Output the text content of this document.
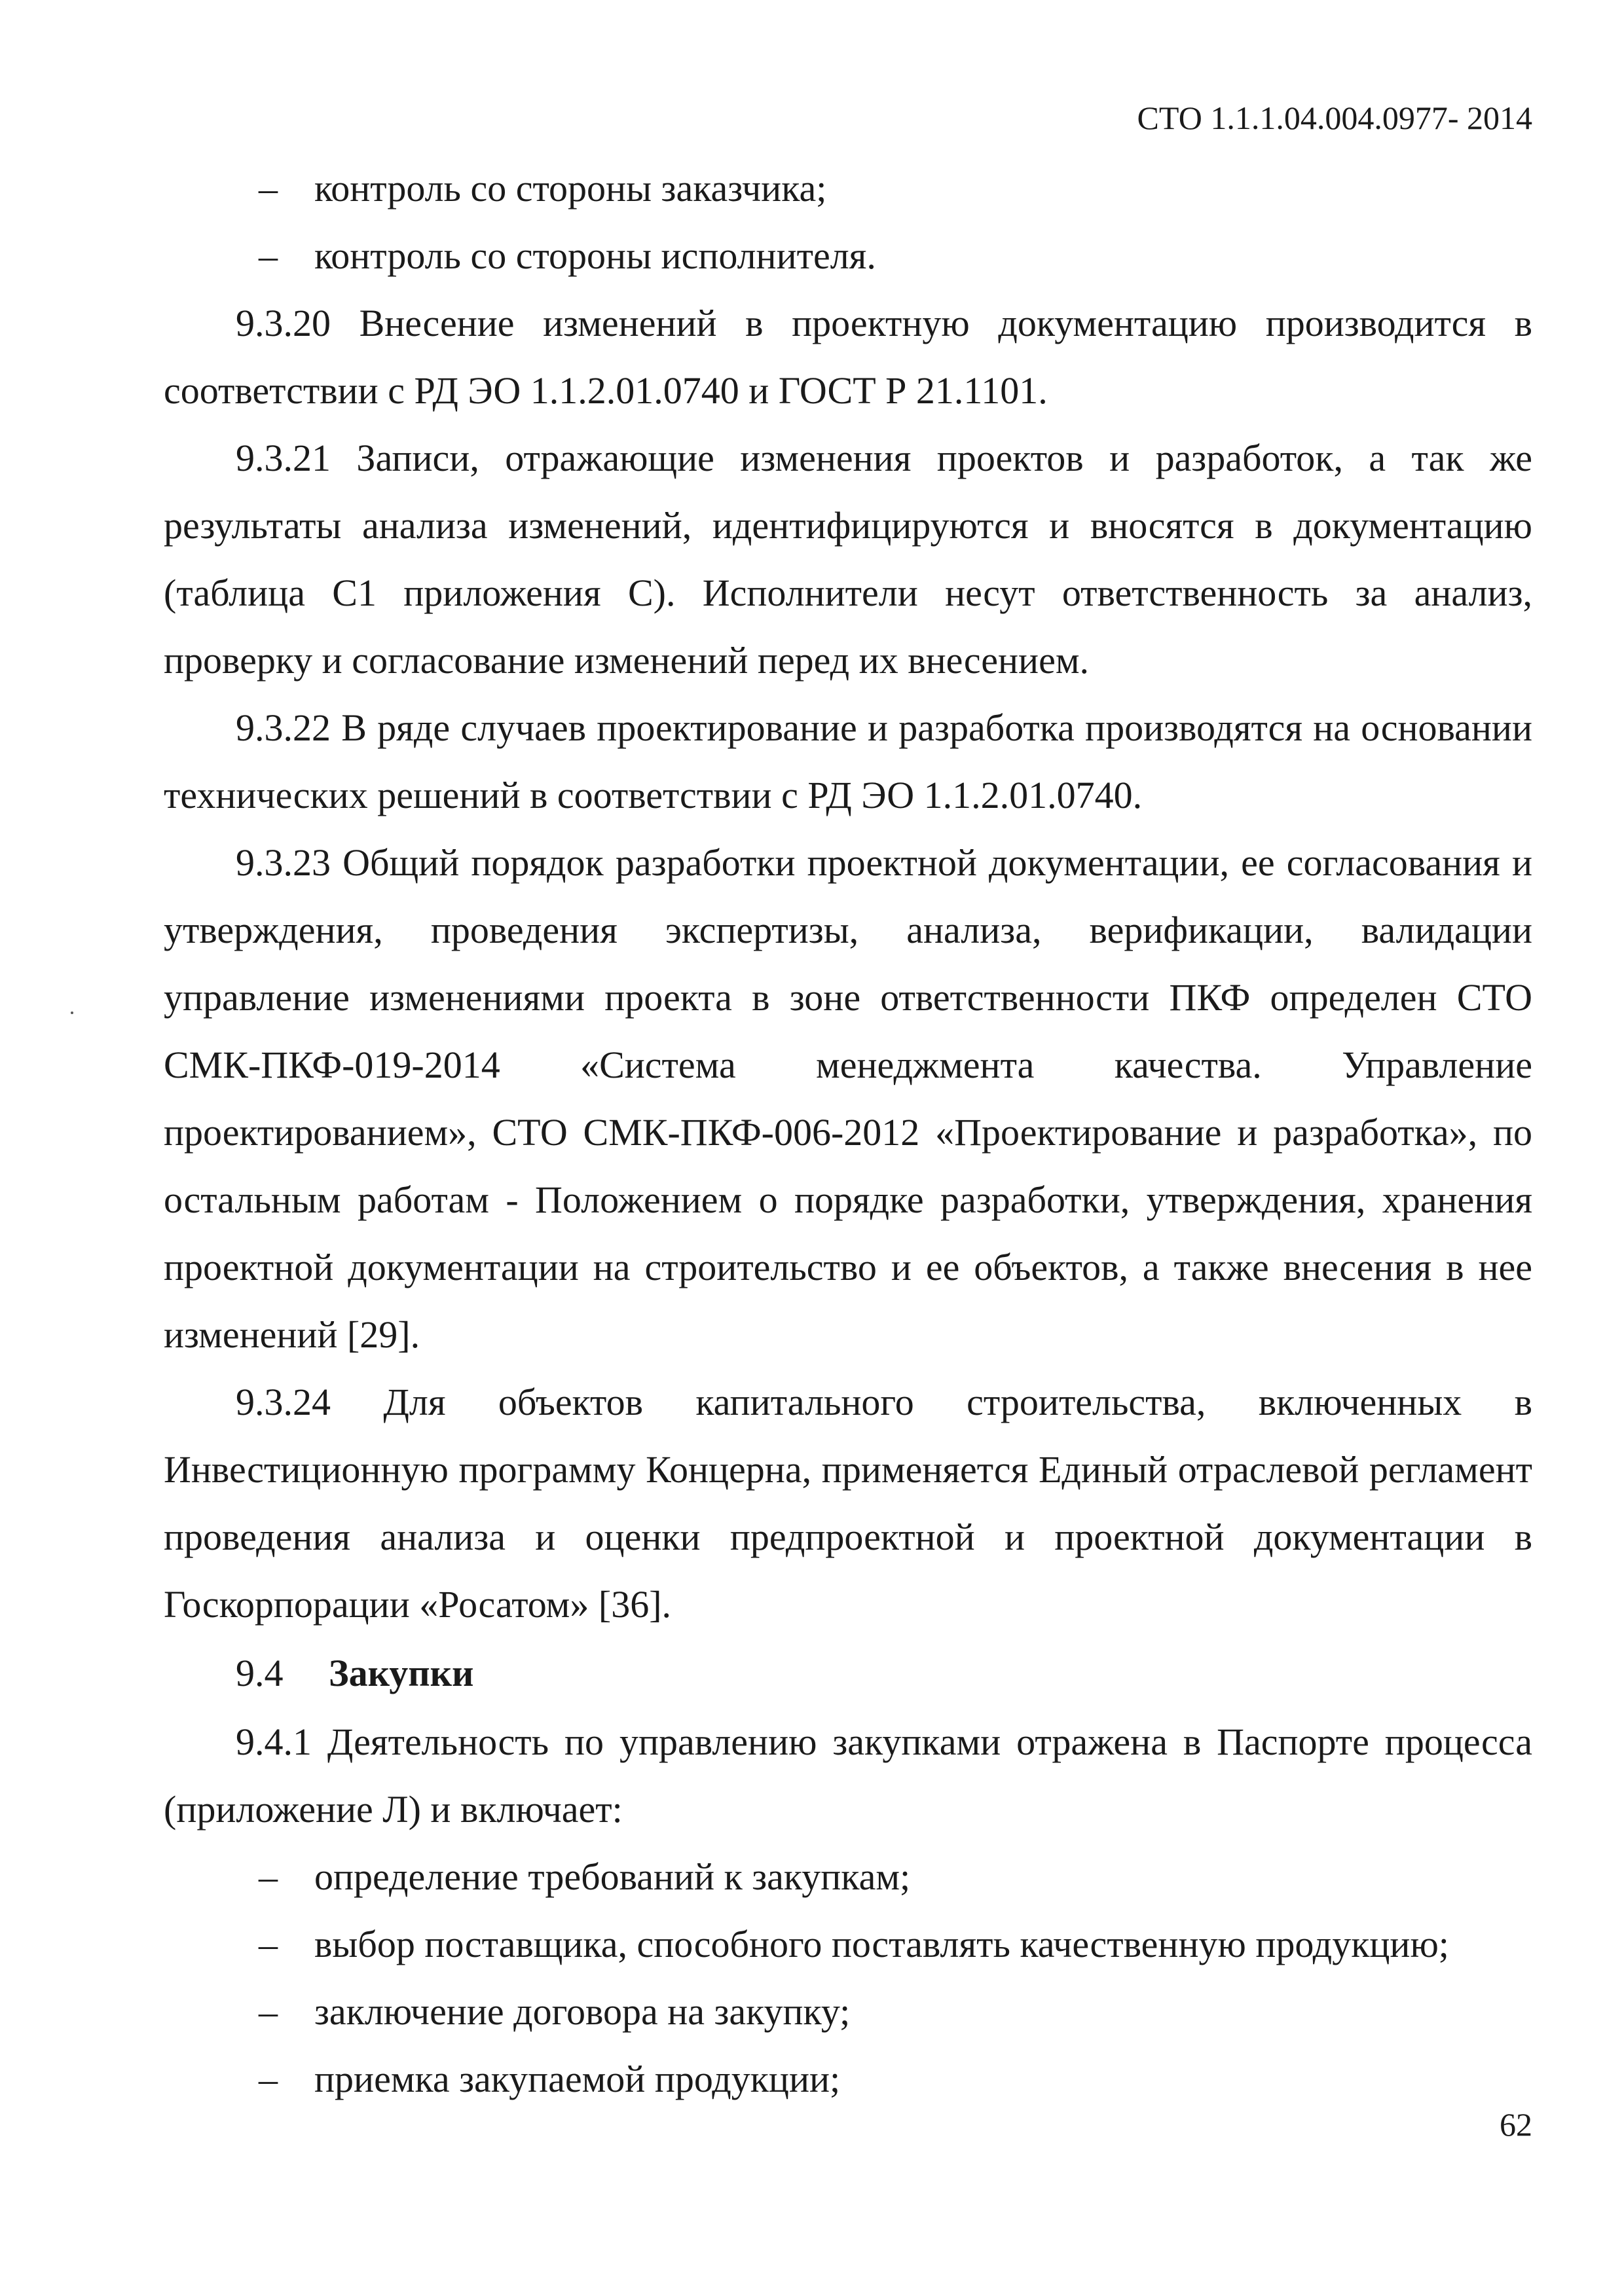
СТО 1.1.1.04.004.0977- 2014

– контроль со стороны заказчика;

– контроль со стороны исполнителя.

9.3.20 Внесение изменений в проектную документацию производится в соответствии с РД ЭО 1.1.2.01.0740 и ГОСТ Р 21.1101.

9.3.21 Записи, отражающие изменения проектов и разработок, а так же результаты анализа изменений, идентифицируются и вносятся в документацию (таблица С1 приложения С). Исполнители несут ответственность за анализ, проверку и согласование изменений перед их внесением.

9.3.22 В ряде случаев проектирование и разработка производятся на основании технических решений в соответствии с РД ЭО 1.1.2.01.0740.

9.3.23 Общий порядок разработки проектной документации, ее согласования и утверждения, проведения экспертизы, анализа, верификации, валидации управление изменениями проекта в зоне ответственности ПКФ определен СТО СМК-ПКФ-019-2014 «Система менеджмента качества. Управление проектированием», СТО СМК-ПКФ-006-2012 «Проектирование и разработка», по остальным работам - Положением о порядке разработки, утверждения, хранения проектной документации на строительство и ее объектов, а также внесения в нее изменений [29].

9.3.24 Для объектов капитального строительства, включенных в Инвестиционную программу Концерна, применяется Единый отраслевой регламент проведения анализа и оценки предпроектной и проектной документации в Госкорпорации «Росатом» [36].

9.4 Закупки

9.4.1 Деятельность по управлению закупками отражена в Паспорте процесса (приложение Л) и включает:

– определение требований к закупкам;

– выбор поставщика, способного поставлять качественную продукцию;

– заключение договора на закупку;

– приемка закупаемой продукции;

62
